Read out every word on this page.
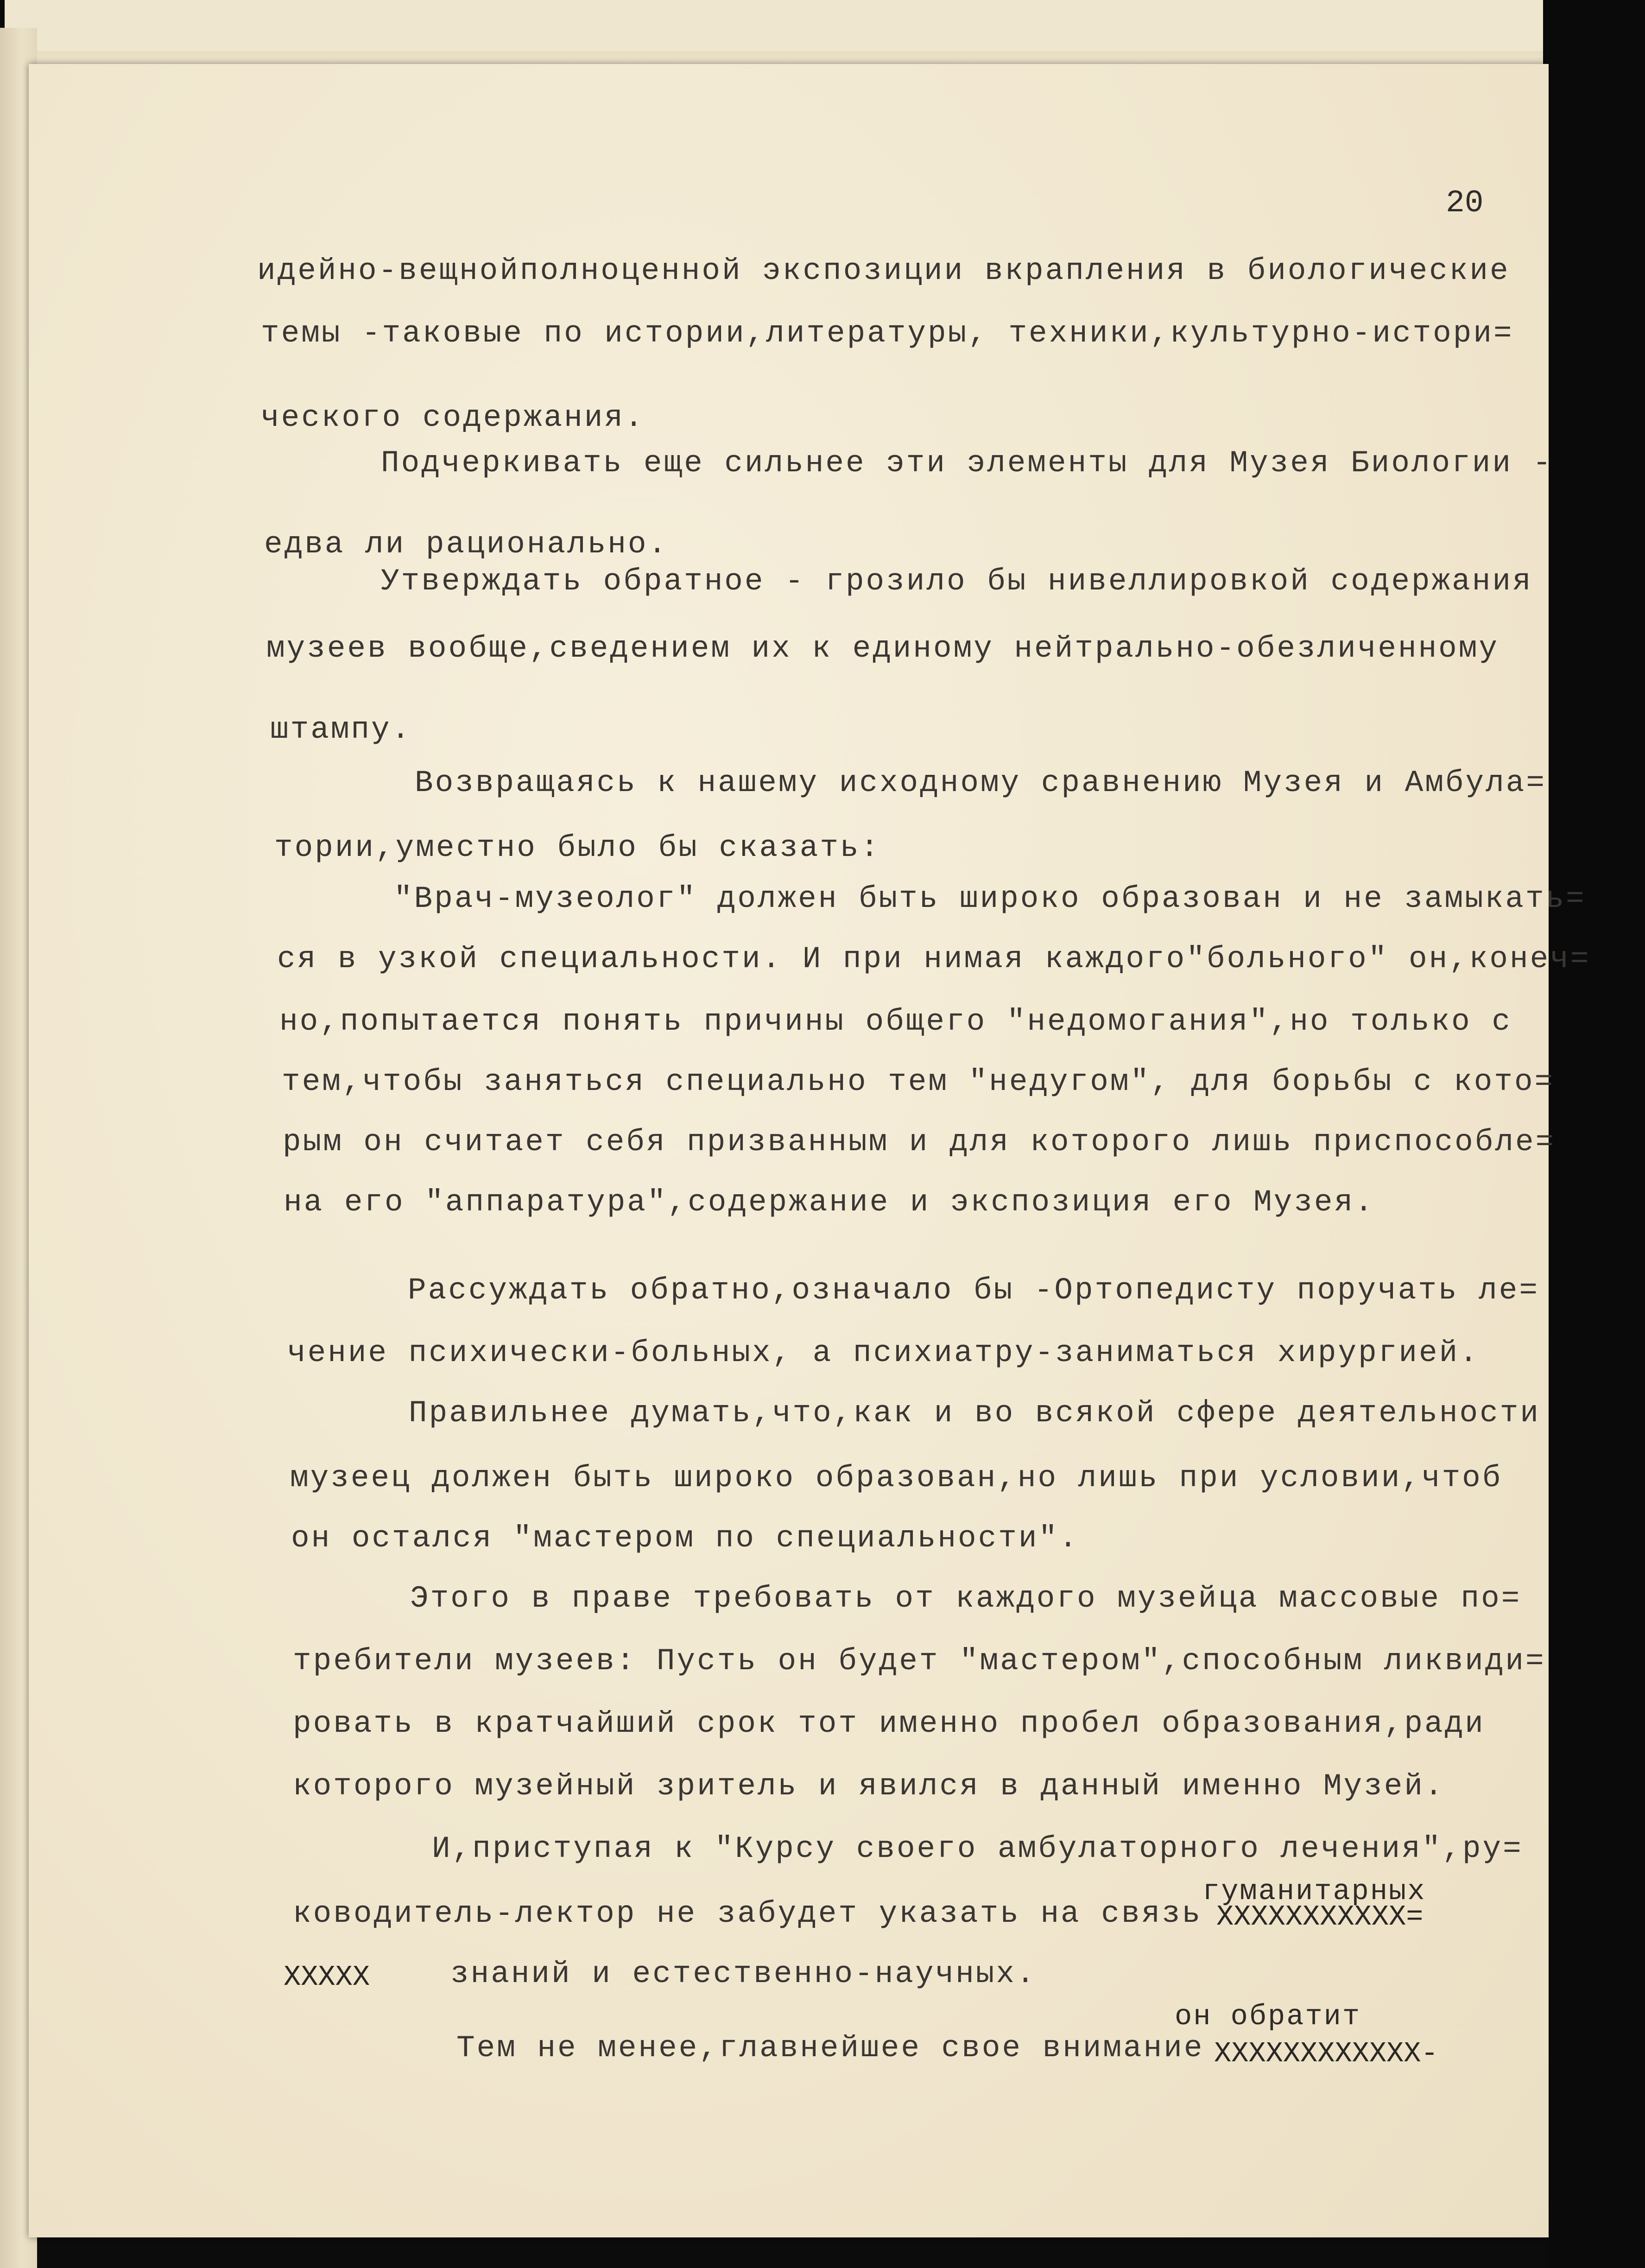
20
идейно-вещнойполноценной экспозиции вкрапления в биологические
темы -таковые по истории,литературы, техники,культурно-истори=
ческого содержания.
Подчеркивать еще сильнее эти элементы для Музея Биологии -
едва ли рационально.
Утверждать обратное - грозило бы нивеллировкой содержания
музеев вообще,сведением их к единому нейтрально-обезличенному
штампу.
Возвращаясь к нашему исходному сравнению Музея и Амбула=
тории,уместно было бы сказать:
"Врач-музеолог" должен быть широко образован и не замыкать=
ся в узкой специальности. И при нимая каждого"больного" он,конеч=
но,попытается понять причины общего "недомогания",но только с
тем,чтобы заняться специально тем "недугом", для борьбы с кото=
рым он считает себя призванным и для которого лишь приспособле=
на его "аппаратура",содержание и экспозиция его Музея.
Рассуждать обратно,означало бы -Ортопедисту поручать ле=
чение психически-больных, а психиатру-заниматься хирургией.
Правильнее думать,что,как и во всякой сфере деятельности
музеец должен быть широко образован,но лишь при условии,чтоб
он остался "мастером по специальности".
Этого в праве требовать от каждого музейца массовые по=
требители музеев: Пусть он будет "мастером",способным ликвиди=
ровать в кратчайший срок тот именно пробел образования,ради
которого музейный зритель и явился в данный именно Музей.
И,приступая к "Курсу своего амбулаторного лечения",ру=
ководитель-лектор не забудет указать на связь
знаний и естественно-научных.
Тем не менее,главнейшее свое внимание
гуманитарных
он обратит
ХХХХХХХХХХХ=
ХХХХХ
ХХХХХХХХХХХХ-
